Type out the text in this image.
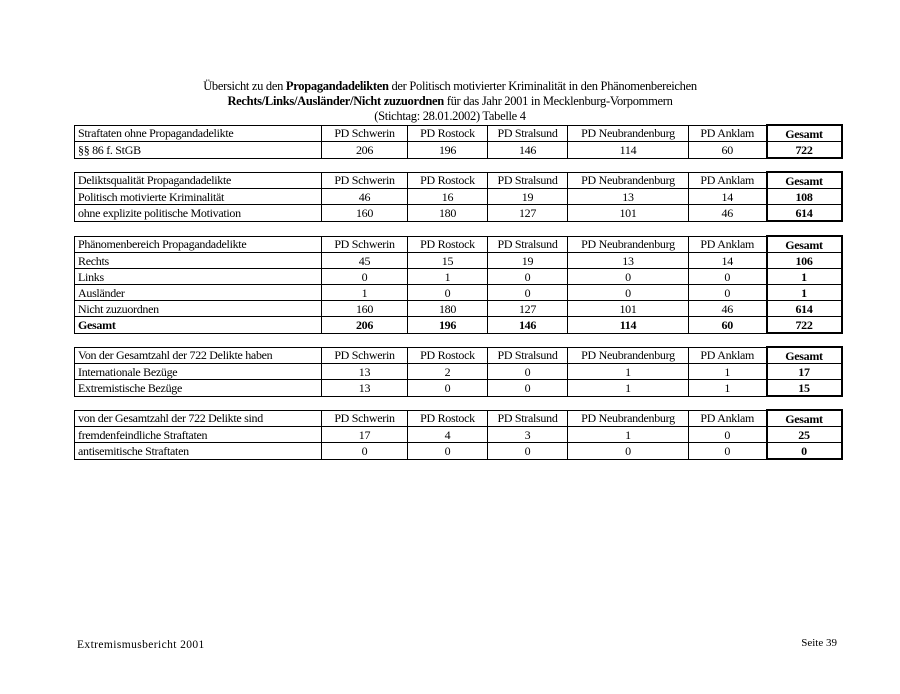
Übersicht zu den Propagandadelikten der Politisch motivierter Kriminalität in den Phänomenbereichen
Rechts/Links/Ausländer/Nicht zuzuordnen für das Jahr 2001 in Mecklenburg-Vorpommern
(Stichtag: 28.01.2002) Tabelle 4
Straftaten ohne Propagandadelikte	PD Schwerin	PD Rostock	PD Stralsund	PD Neubrandenburg	PD Anklam	Gesamt
§§ 86 f. StGB	206	196	146	114	60	722
Deliktsqualität Propagandadelikte	PD Schwerin	PD Rostock	PD Stralsund	PD Neubrandenburg	PD Anklam	Gesamt
Politisch motivierte Kriminalität	46	16	19	13	14	108
ohne explizite politische Motivation	160	180	127	101	46	614
Phänomenbereich Propagandadelikte	PD Schwerin	PD Rostock	PD Stralsund	PD Neubrandenburg	PD Anklam	Gesamt
Rechts	45	15	19	13	14	106
Links	0	1	0	0	0	1
Ausländer	1	0	0	0	0	1
Nicht zuzuordnen	160	180	127	101	46	614
Gesamt	206	196	146	114	60	722
Von der Gesamtzahl der 722 Delikte haben	PD Schwerin	PD Rostock	PD Stralsund	PD Neubrandenburg	PD Anklam	Gesamt
Internationale Bezüge	13	2	0	1	1	17
Extremistische Bezüge	13	0	0	1	1	15
von der Gesamtzahl der 722 Delikte sind	PD Schwerin	PD Rostock	PD Stralsund	PD Neubrandenburg	PD Anklam	Gesamt
fremdenfeindliche Straftaten	17	4	3	1	0	25
antisemitische Straftaten	0	0	0	0	0	0
Extremismusbericht 2001	Seite 39
